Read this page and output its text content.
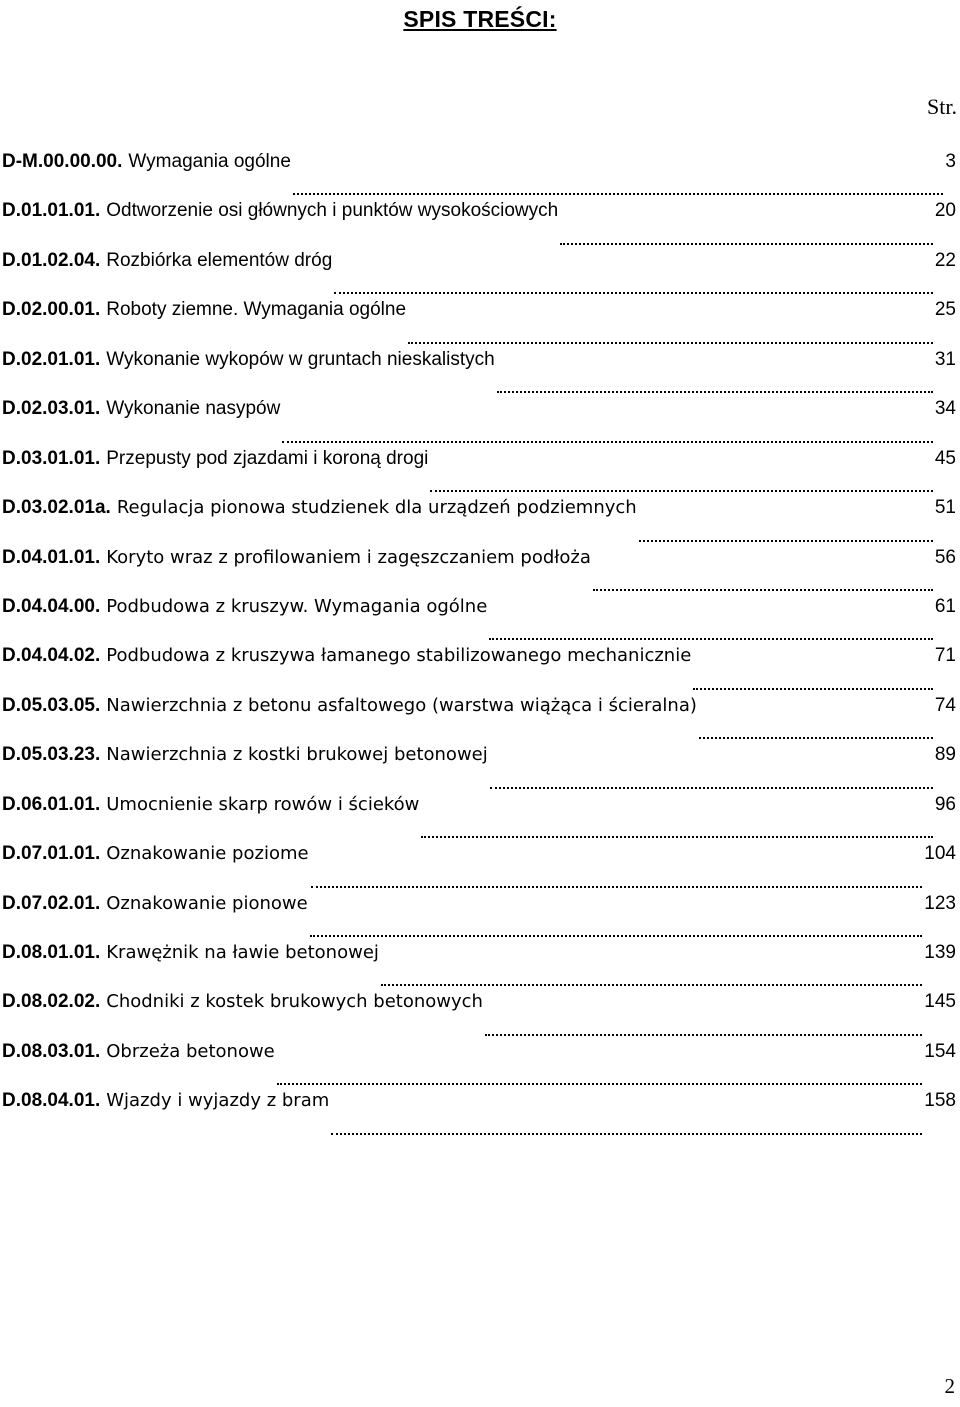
SPIS TREŚCI:
Str.
D-M.00.00.00. Wymagania ogólne	3
D.01.01.01. Odtworzenie osi głównych i punktów wysokościowych	20
D.01.02.04. Rozbiórka elementów dróg	22
D.02.00.01. Roboty ziemne. Wymagania ogólne	25
D.02.01.01. Wykonanie wykopów w gruntach nieskalistych	31
D.02.03.01. Wykonanie nasypów	34
D.03.01.01. Przepusty pod zjazdami i koroną drogi	45
D.03.02.01a. Regulacja pionowa studzienek dla urządzeń podziemnych	51
D.04.01.01. Koryto wraz z profilowaniem i zagęszczaniem podłoża	56
D.04.04.00. Podbudowa z kruszyw. Wymagania ogólne	61
D.04.04.02. Podbudowa z kruszywa łamanego stabilizowanego mechanicznie	71
D.05.03.05. Nawierzchnia z betonu asfaltowego (warstwa wiążąca i ścieralna)	74
D.05.03.23. Nawierzchnia z kostki brukowej betonowej	89
D.06.01.01. Umocnienie skarp rowów i ścieków	96
D.07.01.01. Oznakowanie poziome	104
D.07.02.01. Oznakowanie pionowe	123
D.08.01.01. Krawężnik na ławie betonowej	139
D.08.02.02. Chodniki z kostek brukowych betonowych	145
D.08.03.01. Obrzeża betonowe	154
D.08.04.01. Wjazdy i wyjazdy z bram	158
2
